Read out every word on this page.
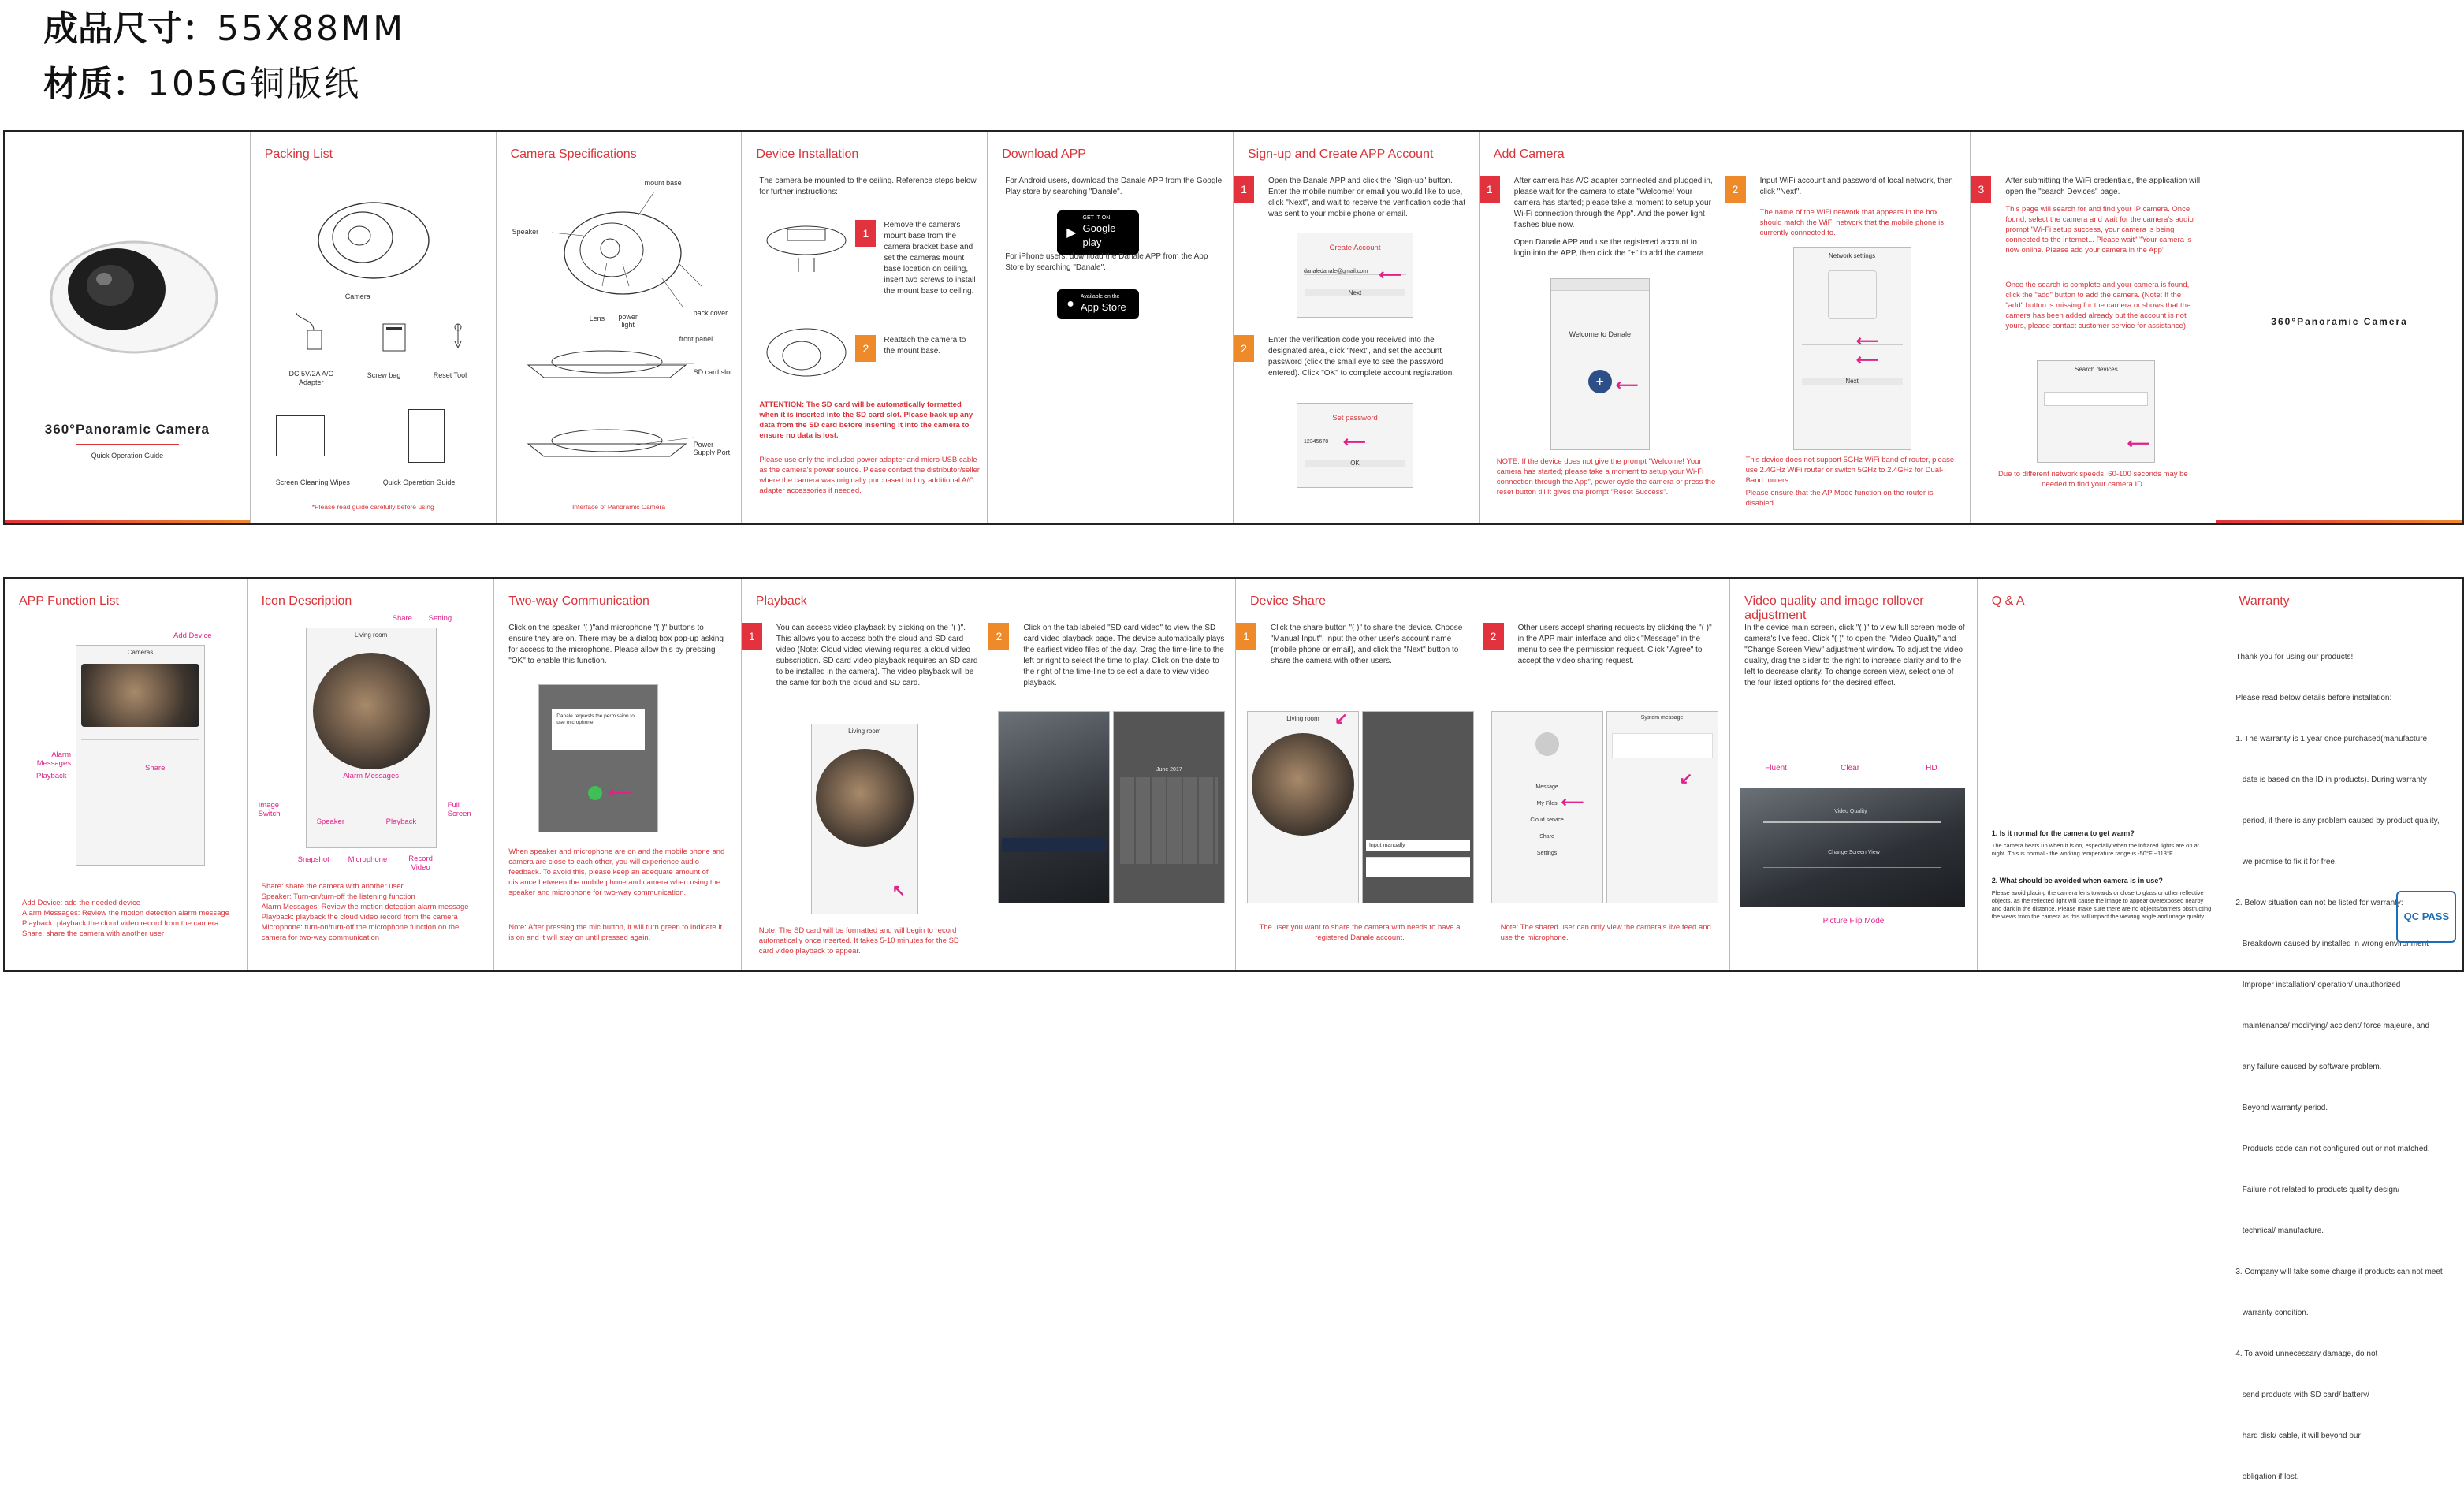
成品尺寸：55X88MM
材质：105G铜版纸
360°Panoramic Camera
Quick Operation Guide
Packing List
Camera
DC 5V/2A A/C Adapter
Screw bag	Reset Tool
Screen Cleaning Wipes	Quick Operation Guide
*Please read guide carefully before using
Camera Specifications
mount base
Speaker
Lens	power light
back cover
front panel
SD card slot
Power Supply Port
Interface of Panoramic Camera
Device Installation
The camera be mounted to the ceiling. Reference steps below for further instructions:
1
Remove the camera's mount base from the camera bracket base and set the cameras mount base location on ceiling, insert two screws to install the mount base to ceiling.
2
Reattach the camera to the mount base.
ATTENTION: The SD card will be automatically formatted when it is inserted into the SD card slot. Please back up any data from the SD card before inserting it into the camera to ensure no data is lost.
Please use only the included power adapter and micro USB cable as the camera's power source. Please contact the distributor/seller where the camera was originally purchased to buy additional A/C adapter accessories if needed.
Download APP
For Android users, download the Danale APP from the Google Play store by searching "Danale".
▶
GET IT ON
Google play
For iPhone users, download the Danale APP from the App Store by searching "Danale".
●
Available on the
App Store
Sign-up and Create APP Account
1
Open the Danale APP and click the "Sign-up" button. Enter the mobile number or email you would like to use, click "Next", and wait to receive the verification code that was sent to your mobile phone or email.
Create Account
danaledanale@gmail.com
Next
⟵
2
Enter the verification code you received into the designated area, click "Next", and set the account password (click the small eye to see the password entered). Click "OK" to complete account registration.
Set password
12345678
OK
⟵
Add Camera
1
After camera has A/C adapter connected and plugged in, please wait for the camera to state "Welcome! Your camera has started; please take a moment to setup your Wi-Fi connection through the App". And the power light flashes blue now.
Open Danale APP and use the registered account to login into the APP, then click the "+" to add the camera.
Welcome to Danale
+ ⟵
NOTE: If the device does not give the prompt "Welcome! Your camera has started; please take a moment to setup your Wi-Fi connection through the App", power cycle the camera or press the reset button till it gives the prompt "Reset Success".
2
Input WiFi account and password of local network, then click "Next".
The name of the WiFi network that appears in the box should match the WiFi network that the mobile phone is currently connected to.
Network settings
Next
⟵
⟵
This device does not support 5GHz WiFi band of router, please use 2.4GHz WiFi router or switch 5GHz to 2.4GHz for Dual-Band routers.
Please ensure that the AP Mode function on the router is disabled.
3
After submitting the WiFi credentials, the application will open the "search Devices" page.
This page will search for and find your IP camera. Once found, select the camera and wait for the camera's audio prompt "Wi-Fi setup success, your camera is being connected to the internet... Please wait" "Your camera is now online. Please add your camera in the App"
Once the search is complete and your camera is found, click the "add" button to add the camera. (Note: If the "add" button is missing for the camera or shows that the camera has been added already but the account is not yours, please contact customer service for assistance).
Search devices
⟵
Due to different network speeds, 60-100 seconds may be needed to find your camera ID.
360°Panoramic Camera
APP Function List
Add Device
Cameras
Alarm Messages
Playback
Share
Add Device: add the needed device
Alarm Messages: Review the motion detection alarm message
Playback: playback the cloud video record from the camera
Share: share the camera with another user
Icon Description
Share Setting
Living room
Alarm Messages
Image Switch
Speaker	Playback
Full Screen
Snapshot	Microphone	Record Video
Share: share the camera with another user
Speaker: Turn-on/turn-off the listening function
Alarm Messages: Review the motion detection alarm message
Playback: playback the cloud video record from the camera
Microphone: turn-on/turn-off the microphone function on the camera for two-way communication
Two-way Communication
Click on the speaker "( )"and microphone "( )" buttons to ensure they are on. There may be a dialog box pop-up asking for access to the microphone. Please allow this by pressing "OK" to enable this function.
Danale requests the permission to use microphone
⟵
When speaker and microphone are on and the mobile phone and camera are close to each other, you will experience audio feedback. To avoid this, please keep an adequate amount of distance between the mobile phone and camera when using the speaker and microphone for two-way communication.
Note: After pressing the mic button, it will turn green to indicate it is on and it will stay on until pressed again.
Playback
1
You can access video playback by clicking on the "( )". This allows you to access both the cloud and SD card video (Note: Cloud video viewing requires a cloud video subscription. SD card video playback requires an SD card to be installed in the camera). The video playback will be the same for both the cloud and SD card.
Living room
↖
Note: The SD card will be formatted and will begin to record automatically once inserted. It takes 5-10 minutes for the SD card video playback to appear.
2
Click on the tab labeled "SD card video" to view the SD card video playback page. The device automatically plays the earliest video files of the day. Drag the time-line to the left or right to select the time to play. Click on the date to the right of the time-line to select a date to view video playback.
June 2017
Device Share
1
Click the share button "( )" to share the device. Choose "Manual Input", input the other user's account name (mobile phone or email), and click the "Next" button to share the camera with other users.
Living room ↙
Input manually
The user you want to share the camera with needs to have a registered Danale account.
2
Other users accept sharing requests by clicking the "( )" in the APP main interface and click "Message" in the menu to see the permission request. Click "Agree" to accept the video sharing request.
Message
My Files
Cloud service
Share
Settings
⟵
System message
↙
Note: The shared user can only view the camera's live feed and use the microphone.
Video quality and image rollover adjustment
In the device main screen, click "( )" to view full screen mode of camera's live feed. Click "( )" to open the "Video Quality" and "Change Screen View" adjustment window. To adjust the video quality, drag the slider to the right to increase clarity and to the left to decrease clarity. To change screen view, select one of the four listed options for the desired effect.
Fluent	Clear	HD
Video Quality
Change Screen View
Picture Flip Mode
Q & A
1. Is it normal for the camera to get warm?
The camera heats up when it is on, especially when the infrared lights are on at night. This is normal - the working temperature range is -50°F ~113°F.
2. What should be avoided when camera is in use?
Please avoid placing the camera lens towards or close to glass or other reflective objects, as the reflected light will cause the image to appear overexposed nearby and dark in the distance. Please make sure there are no objects/barriers obstructing the views from the camera as this will impact the viewing angle and image quality.
Warranty

Thank you for using our products!

Please read below details before installation:

1. The warranty is 1 year once purchased(manufacture

date is based on the ID in products). During warranty

period, if there is any problem caused by product quality,

we promise to fix it for free.

2. Below situation can not be listed for warranty:

Breakdown caused by installed in wrong environment

Improper installation/ operation/ unauthorized

maintenance/ modifying/ accident/ force majeure, and

any failure caused by software problem.

Beyond warranty period.

Products code can not configured out or not matched.

Failure not related to products quality design/

technical/ manufacture.

3. Company will take some charge if products can not meet

warranty condition.

4. To avoid unnecessary damage, do not

send products with SD card/ battery/

hard disk/ cable, it will beyond our

obligation if lost.

QC PASS
